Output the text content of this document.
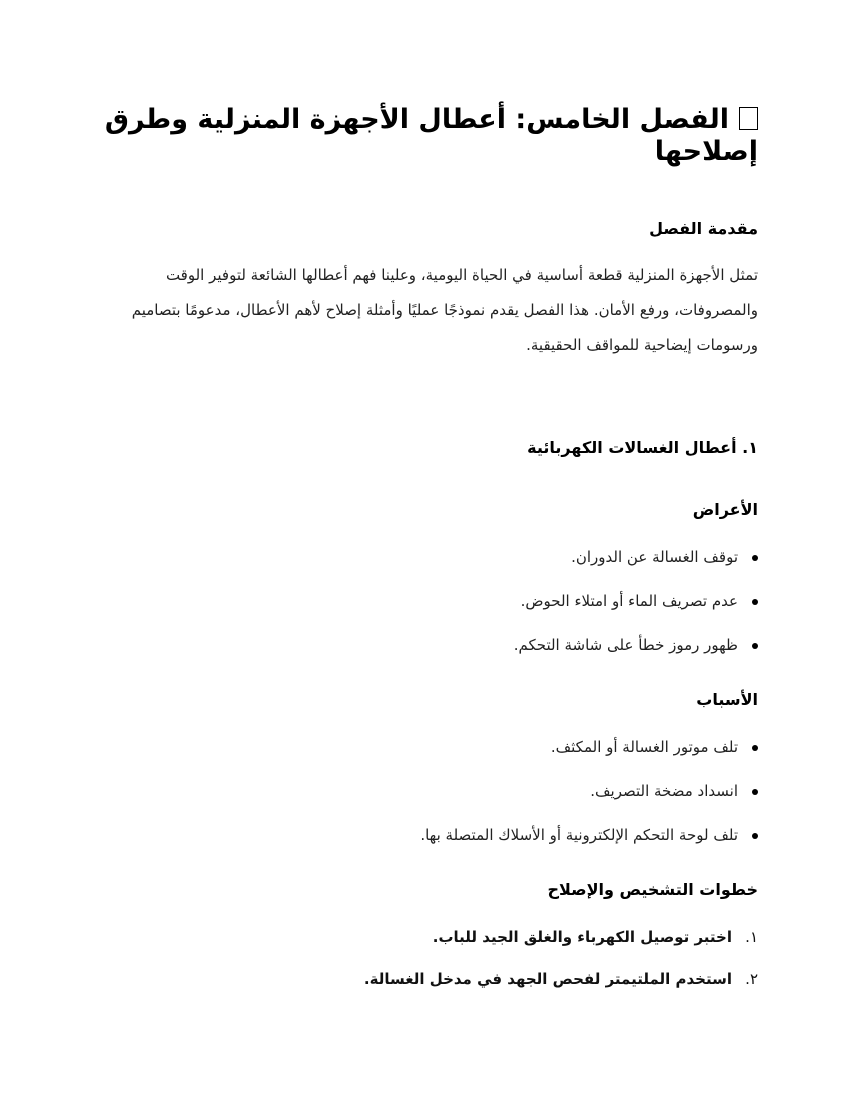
الفصل الخامس: أعطال الأجهزة المنزلية وطرق إصلاحها
مقدمة الفصل

تمثل الأجهزة المنزلية قطعة أساسية في الحياة اليومية، وعلينا فهم أعطالها الشائعة لتوفير الوقت والمصروفات، ورفع الأمان. هذا الفصل يقدم نموذجًا عمليًا وأمثلة إصلاح لأهم الأعطال، مدعومًا بتصاميم ورسومات إيضاحية للمواقف الحقيقية.

١. أعطال الغسالات الكهربائية
الأعراض
توقف الغسالة عن الدوران.
عدم تصريف الماء أو امتلاء الحوض.
ظهور رموز خطأ على شاشة التحكم.
الأسباب
تلف موتور الغسالة أو المكثف.
انسداد مضخة التصريف.
تلف لوحة التحكم الإلكترونية أو الأسلاك المتصلة بها.
خطوات التشخيص والإصلاح
١.
اختبر توصيل الكهرباء والغلق الجيد للباب.
٢.
استخدم الملتيمتر لفحص الجهد في مدخل الغسالة.
